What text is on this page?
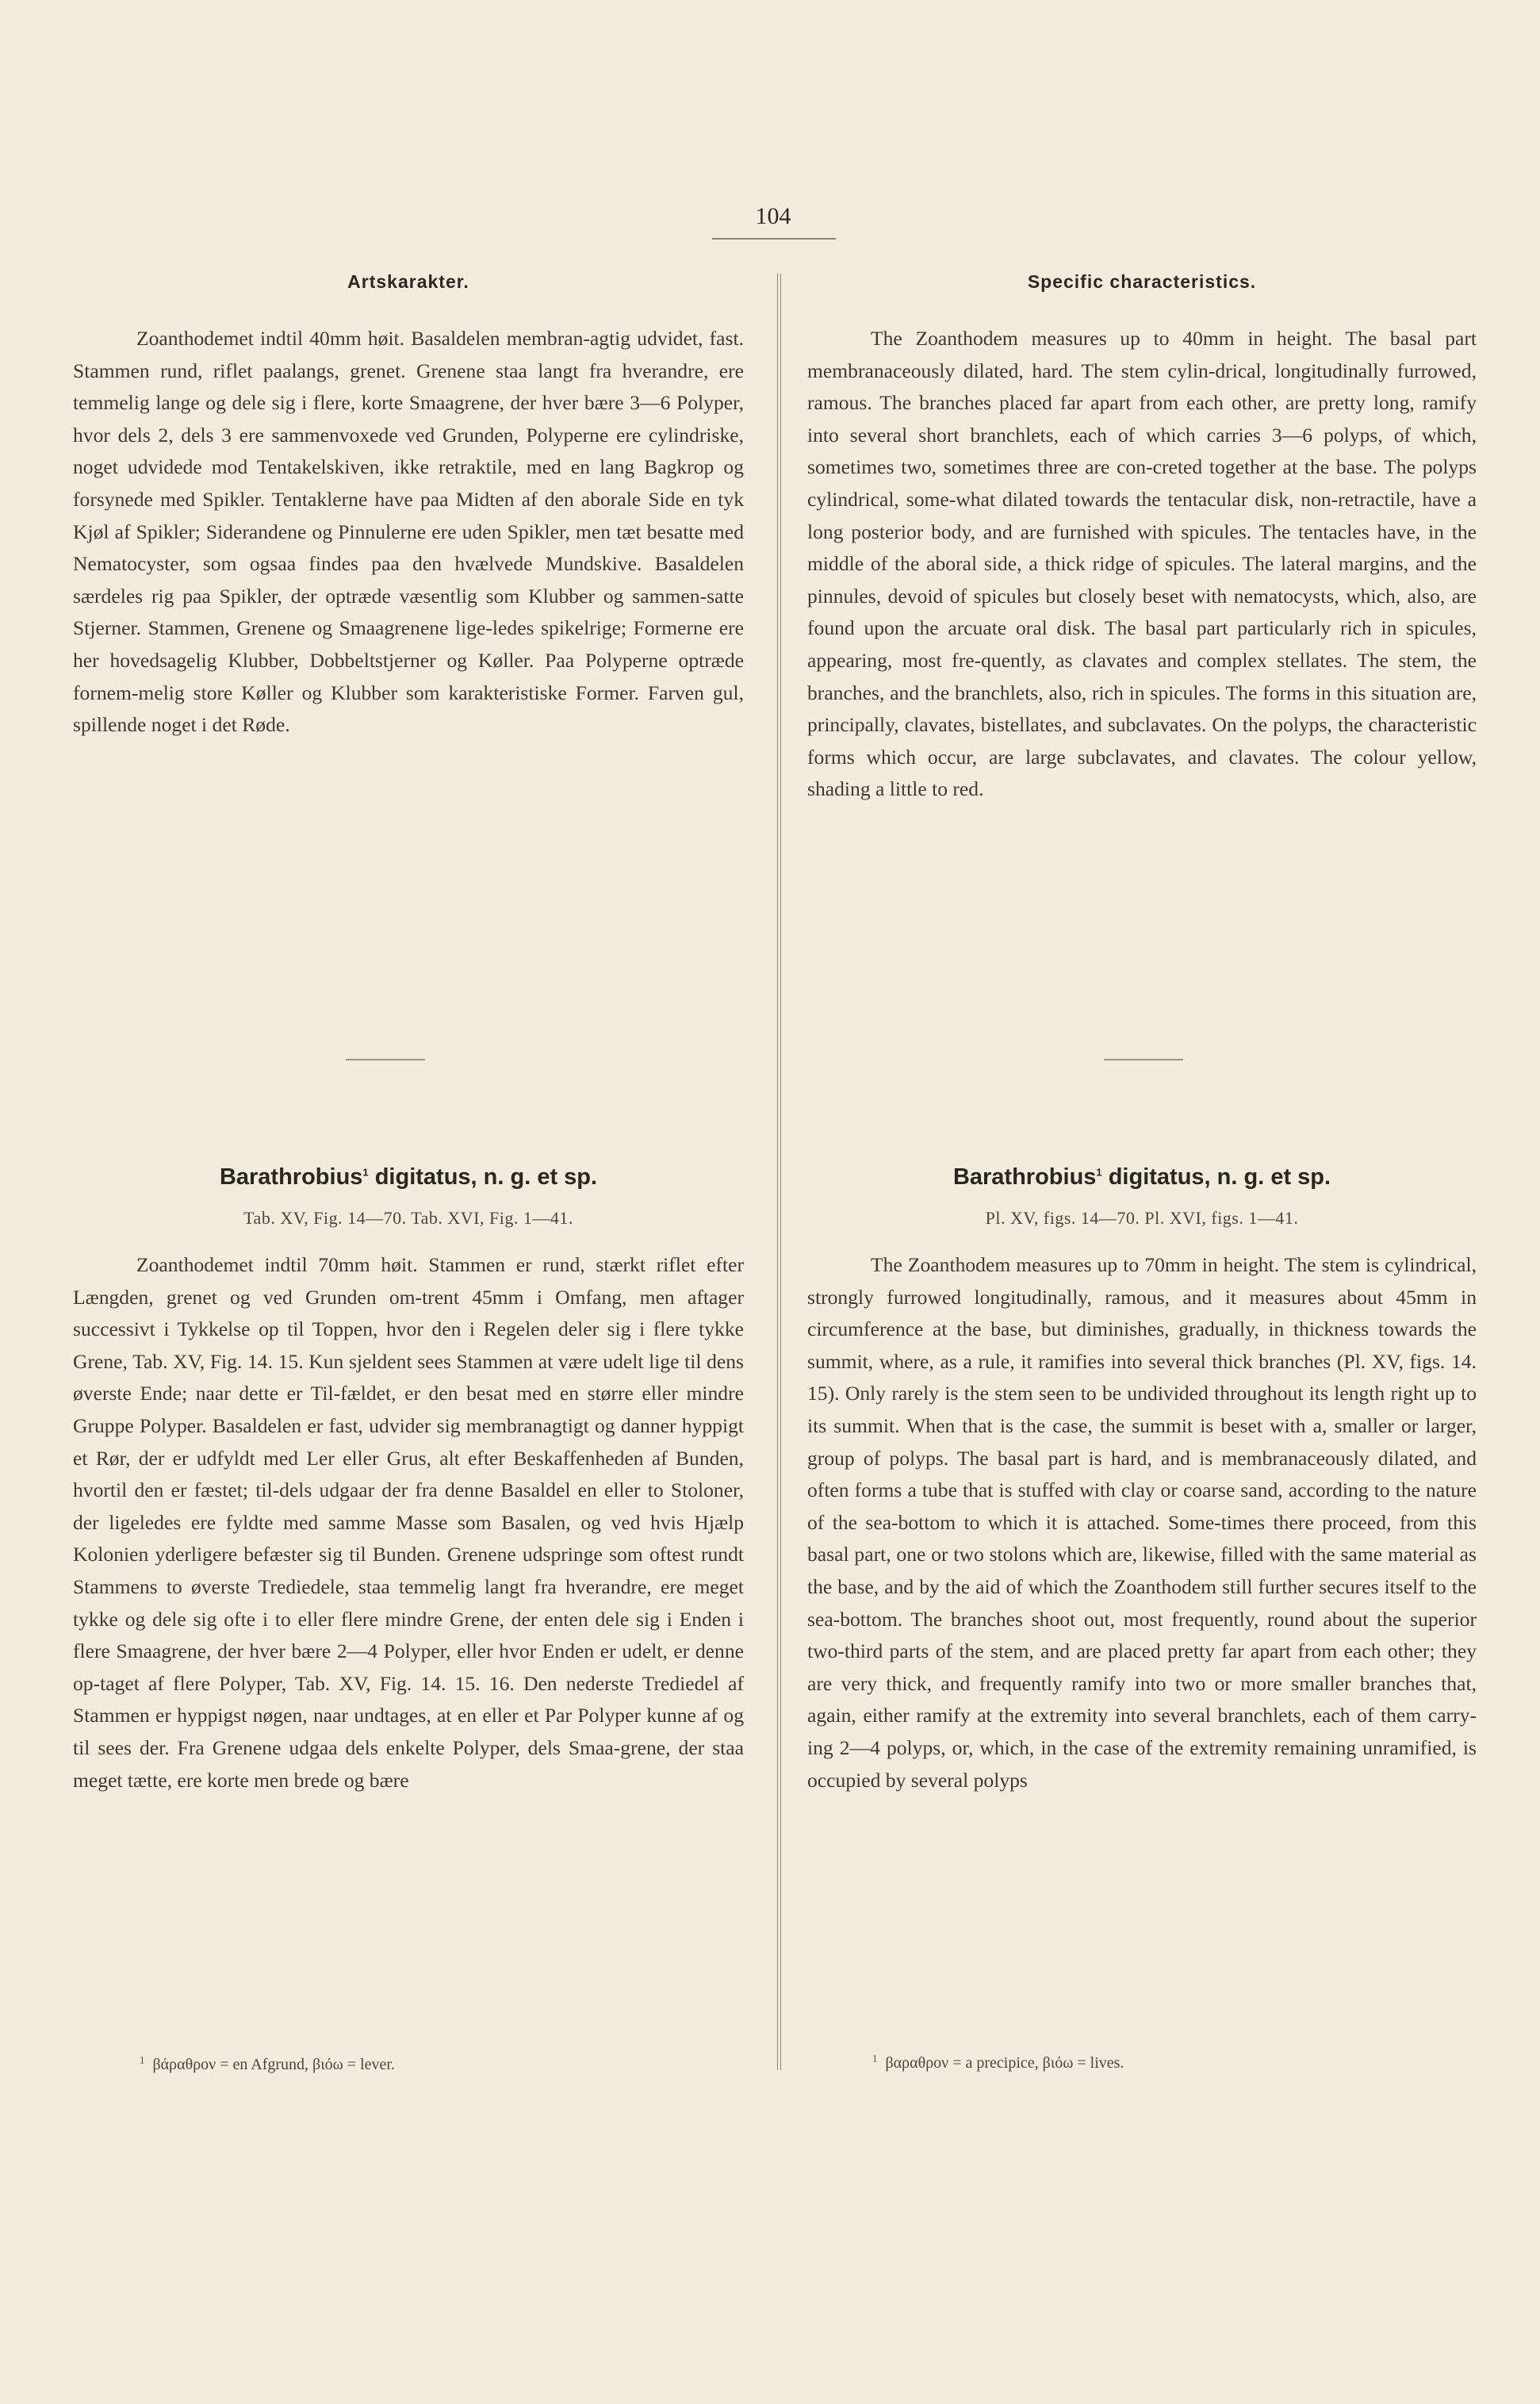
104
Artskarakter.

Zoanthodemet indtil 40mm høit. Basaldelen membran-agtig udvidet, fast. Stammen rund, riflet paalangs, grenet. Grenene staa langt fra hverandre, ere temmelig lange og dele sig i flere, korte Smaagrene, der hver bære 3—6 Polyper, hvor dels 2, dels 3 ere sammenvoxede ved Grunden, Polyperne ere cylindriske, noget udvidede mod Tentakelskiven, ikke retraktile, med en lang Bagkrop og forsynede med Spikler. Tentaklerne have paa Midten af den aborale Side en tyk Kjøl af Spikler; Siderandene og Pinnulerne ere uden Spikler, men tæt besatte med Nematocyster, som ogsaa findes paa den hvælvede Mundskive. Basaldelen særdeles rig paa Spikler, der optræde væsentlig som Klubber og sammen-satte Stjerner. Stammen, Grenene og Smaagrenene lige-ledes spikelrige; Formerne ere her hovedsagelig Klubber, Dobbeltstjerner og Køller. Paa Polyperne optræde fornem-melig store Køller og Klubber som karakteristiske Former. Farven gul, spillende noget i det Røde.

Specific characteristics.

The Zoanthodem measures up to 40mm in height. The basal part membranaceously dilated, hard. The stem cylin-drical, longitudinally furrowed, ramous. The branches placed far apart from each other, are pretty long, ramify into several short branchlets, each of which carries 3—6 polyps, of which, sometimes two, sometimes three are con-creted together at the base. The polyps cylindrical, some-what dilated towards the tentacular disk, non-retractile, have a long posterior body, and are furnished with spicules. The tentacles have, in the middle of the aboral side, a thick ridge of spicules. The lateral margins, and the pinnules, devoid of spicules but closely beset with nematocysts, which, also, are found upon the arcuate oral disk. The basal part particularly rich in spicules, appearing, most fre-quently, as clavates and complex stellates. The stem, the branches, and the branchlets, also, rich in spicules. The forms in this situation are, principally, clavates, bistellates, and subclavates. On the polyps, the characteristic forms which occur, are large subclavates, and clavates. The colour yellow, shading a little to red.

Barathrobius$^1$ digitatus, n. g. et sp.
Tab. XV, Fig. 14—70. Tab. XVI, Fig. 1—41.

Zoanthodemet indtil 70mm høit. Stammen er rund, stærkt riflet efter Længden, grenet og ved Grunden om-trent 45mm i Omfang, men aftager successivt i Tykkelse op til Toppen, hvor den i Regelen deler sig i flere tykke Grene, Tab. XV, Fig. 14. 15. Kun sjeldent sees Stammen at være udelt lige til dens øverste Ende; naar dette er Til-fældet, er den besat med en større eller mindre Gruppe Polyper. Basaldelen er fast, udvider sig membranagtigt og danner hyppigt et Rør, der er udfyldt med Ler eller Grus, alt efter Beskaffenheden af Bunden, hvortil den er fæstet; til-dels udgaar der fra denne Basaldel en eller to Stoloner, der ligeledes ere fyldte med samme Masse som Basalen, og ved hvis Hjælp Kolonien yderligere befæster sig til Bunden. Grenene udspringe som oftest rundt Stammens to øverste Trediedele, staa temmelig langt fra hverandre, ere meget tykke og dele sig ofte i to eller flere mindre Grene, der enten dele sig i Enden i flere Smaagrene, der hver bære 2—4 Polyper, eller hvor Enden er udelt, er denne op-taget af flere Polyper, Tab. XV, Fig. 14. 15. 16. Den nederste Trediedel af Stammen er hyppigst nøgen, naar undtages, at en eller et Par Polyper kunne af og til sees der. Fra Grenene udgaa dels enkelte Polyper, dels Smaa-grene, der staa meget tætte, ere korte men brede og bære

Barathrobius$^1$ digitatus, n. g. et sp.
Pl. XV, figs. 14—70. Pl. XVI, figs. 1—41.

The Zoanthodem measures up to 70mm in height. The stem is cylindrical, strongly furrowed longitudinally, ramous, and it measures about 45mm in circumference at the base, but diminishes, gradually, in thickness towards the summit, where, as a rule, it ramifies into several thick branches (Pl. XV, figs. 14. 15). Only rarely is the stem seen to be undivided throughout its length right up to its summit. When that is the case, the summit is beset with a, smaller or larger, group of polyps. The basal part is hard, and is membranaceously dilated, and often forms a tube that is stuffed with clay or coarse sand, according to the nature of the sea-bottom to which it is attached. Some-times there proceed, from this basal part, one or two stolons which are, likewise, filled with the same material as the base, and by the aid of which the Zoanthodem still further secures itself to the sea-bottom. The branches shoot out, most frequently, round about the superior two-third parts of the stem, and are placed pretty far apart from each other; they are very thick, and frequently ramify into two or more smaller branches that, again, either ramify at the extremity into several branchlets, each of them carry-ing 2—4 polyps, or, which, in the case of the extremity remaining unramified, is occupied by several polyps

$^1$ βάραθρον = en Afgrund, βιόω = lever.	$^1$ βαραθρον = a precipice, βιόω = lives.
